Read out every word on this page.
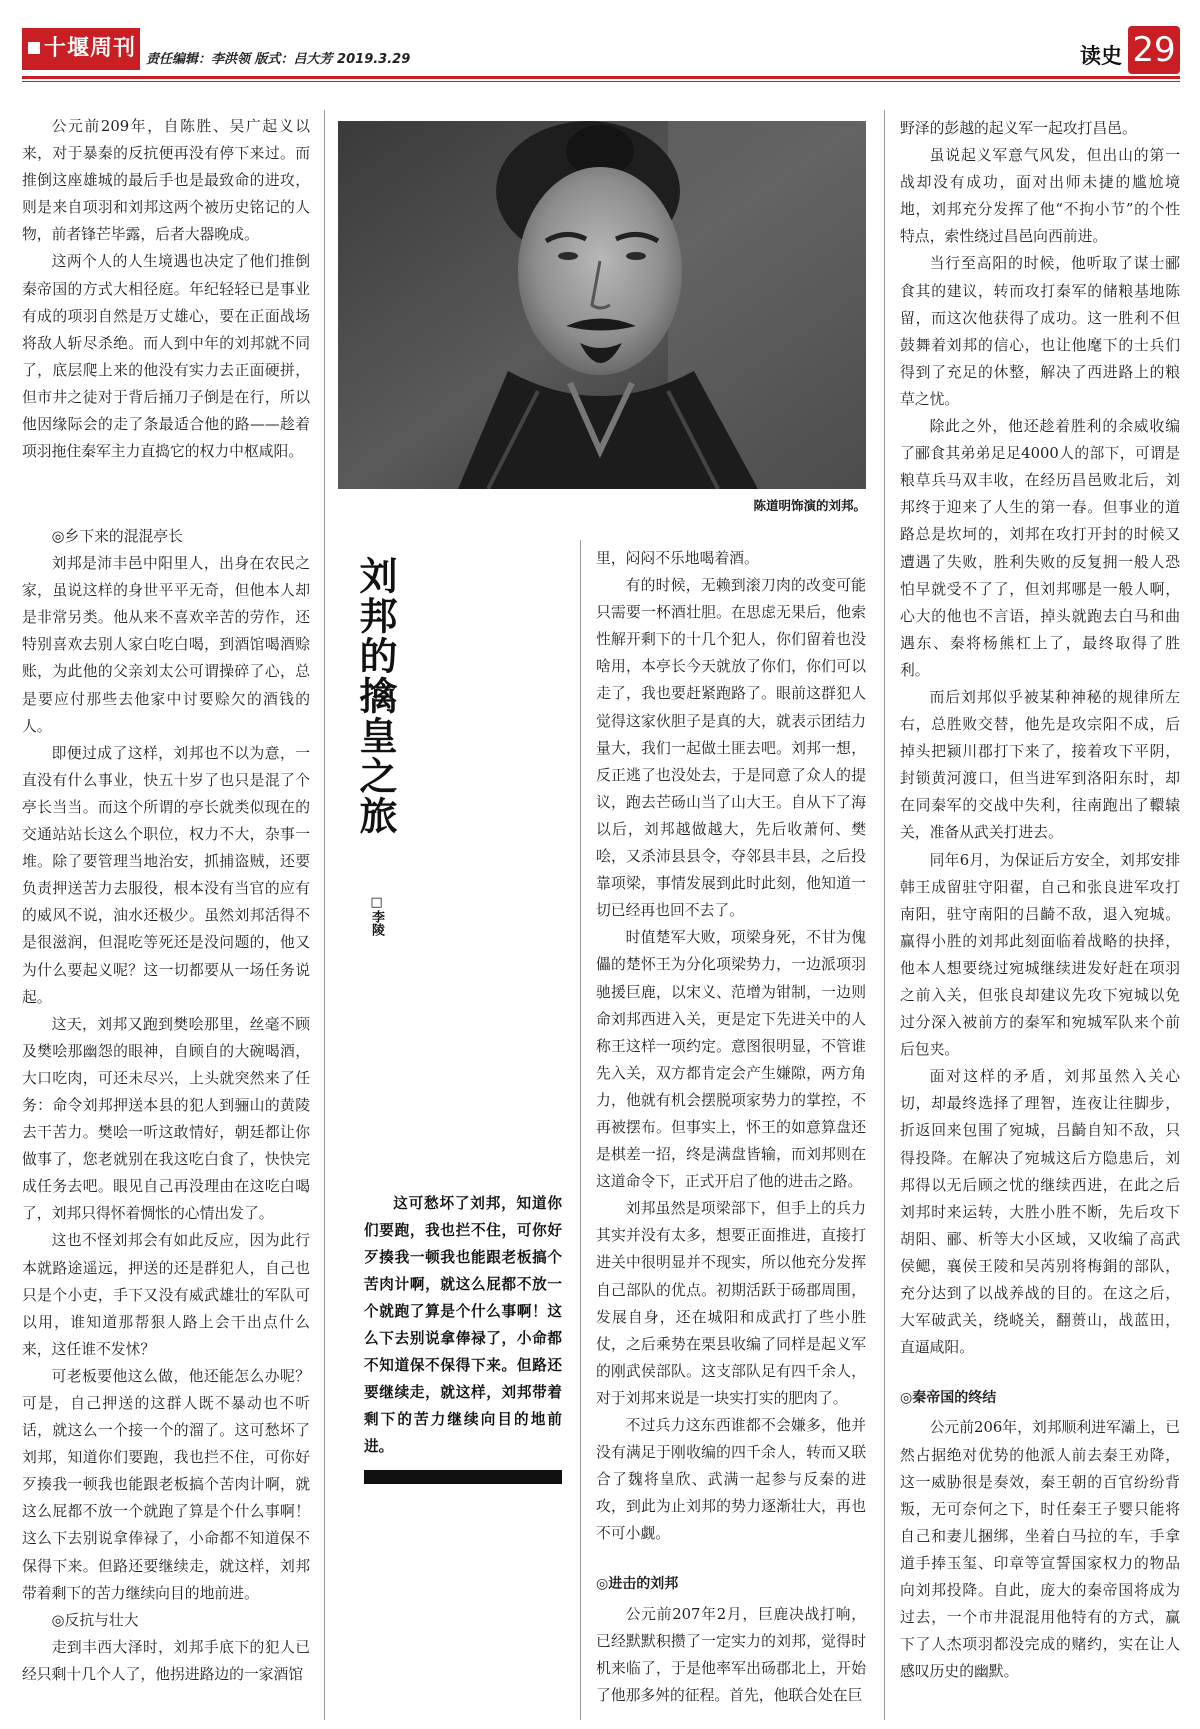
十堰周刊 责任编辑：李洪领 版式：吕大芳 2019.3.29	读史 29

公元前209年，自陈胜、吴广起义以来，对于暴秦的反抗便再没有停下来过。而推倒这座雄城的最后手也是最致命的进攻，则是来自项羽和刘邦这两个被历史铭记的人物，前者锋芒毕露，后者大器晚成。

这两个人的人生境遇也决定了他们推倒秦帝国的方式大相径庭。年纪轻轻已是事业有成的项羽自然是万丈雄心，要在正面战场将敌人斩尽杀绝。而人到中年的刘邦就不同了，底层爬上来的他没有实力去正面硬拼，但市井之徒对于背后捅刀子倒是在行，所以他因缘际会的走了条最适合他的路——趁着项羽拖住秦军主力直捣它的权力中枢咸阳。

◎乡下来的混混亭长

刘邦是沛丰邑中阳里人，出身在农民之家，虽说这样的身世平平无奇，但他本人却是非常另类。他从来不喜欢辛苦的劳作，还特别喜欢去别人家白吃白喝，到酒馆喝酒赊账，为此他的父亲刘太公可谓操碎了心，总是要应付那些去他家中讨要赊欠的酒钱的人。

即便过成了这样，刘邦也不以为意，一直没有什么事业，快五十岁了也只是混了个亭长当当。而这个所谓的亭长就类似现在的交通站站长这么个职位，权力不大，杂事一堆。除了要管理当地治安，抓捕盗贼，还要负责押送苦力去服役，根本没有当官的应有的威风不说，油水还极少。虽然刘邦活得不是很滋润，但混吃等死还是没问题的，他又为什么要起义呢？这一切都要从一场任务说起。

这天，刘邦又跑到樊哙那里，丝毫不顾及樊哙那幽怨的眼神，自顾自的大碗喝酒，大口吃肉，可还未尽兴，上头就突然来了任务：命令刘邦押送本县的犯人到骊山的黄陵去干苦力。樊哙一听这敢情好，朝廷都让你做事了，您老就别在我这吃白食了，快快完成任务去吧。眼见自己再没理由在这吃白喝了，刘邦只得怀着惆怅的心情出发了。

这也不怪刘邦会有如此反应，因为此行本就路途遥远，押送的还是群犯人，自己也只是个小吏，手下又没有威武雄壮的军队可以用，谁知道那帮狠人路上会干出点什么来，这任谁不发怵？

可老板要他这么做，他还能怎么办呢？可是，自己押送的这群人既不暴动也不听话，就这么一个接一个的溜了。这可愁坏了刘邦，知道你们要跑，我也拦不住，可你好歹揍我一顿我也能跟老板搞个苦肉计啊，就这么屁都不放一个就跑了算是个什么事啊！这么下去别说拿俸禄了，小命都不知道保不保得下来。但路还要继续走，就这样，刘邦带着剩下的苦力继续向目的地前进。

◎反抗与壮大

走到丰西大泽时，刘邦手底下的犯人已经只剩十几个人了，他拐进路边的一家酒馆

陈道明饰演的刘邦。
刘邦的擒皇之旅
□李陵
这可愁坏了刘邦，知道你们要跑，我也拦不住，可你好歹揍我一顿我也能跟老板搞个苦肉计啊，就这么屁都不放一个就跑了算是个什么事啊！这么下去别说拿俸禄了，小命都不知道保不保得下来。但路还要继续走，就这样，刘邦带着剩下的苦力继续向目的地前进。

里，闷闷不乐地喝着酒。

有的时候，无赖到滚刀肉的改变可能只需要一杯酒壮胆。在思虑无果后，他索性解开剩下的十几个犯人，你们留着也没啥用，本亭长今天就放了你们，你们可以走了，我也要赶紧跑路了。眼前这群犯人觉得这家伙胆子是真的大，就表示团结力量大，我们一起做土匪去吧。刘邦一想，反正逃了也没处去，于是同意了众人的提议，跑去芒砀山当了山大王。自从下了海以后，刘邦越做越大，先后收萧何、樊哙，又杀沛县县令，夺邻县丰县，之后投靠项梁，事情发展到此时此刻，他知道一切已经再也回不去了。

时值楚军大败，项梁身死，不甘为傀儡的楚怀王为分化项梁势力，一边派项羽驰援巨鹿，以宋义、范增为钳制，一边则命刘邦西进入关，更是定下先进关中的人称王这样一项约定。意图很明显，不管谁先入关，双方都肯定会产生嫌隙，两方角力，他就有机会摆脱项家势力的掌控，不再被摆布。但事实上，怀王的如意算盘还是棋差一招，终是满盘皆输，而刘邦则在这道命令下，正式开启了他的进击之路。

刘邦虽然是项梁部下，但手上的兵力其实并没有太多，想要正面推进，直接打进关中很明显并不现实，所以他充分发挥自己部队的优点。初期活跃于砀郡周围，发展自身，还在城阳和成武打了些小胜仗，之后乘势在栗县收编了同样是起义军的刚武侯部队。这支部队足有四千余人，对于刘邦来说是一块实打实的肥肉了。

不过兵力这东西谁都不会嫌多，他并没有满足于刚收编的四千余人，转而又联合了魏将皇欣、武满一起参与反秦的进攻，到此为止刘邦的势力逐渐壮大，再也不可小觑。

◎进击的刘邦

公元前207年2月，巨鹿决战打响，已经默默积攒了一定实力的刘邦，觉得时机来临了，于是他率军出砀郡北上，开始了他那多舛的征程。首先，他联合处在巨

野泽的彭越的起义军一起攻打昌邑。

虽说起义军意气风发，但出山的第一战却没有成功，面对出师未捷的尴尬境地，刘邦充分发挥了他“不拘小节”的个性特点，索性绕过昌邑向西前进。

当行至高阳的时候，他听取了谋士郦食其的建议，转而攻打秦军的储粮基地陈留，而这次他获得了成功。这一胜利不但鼓舞着刘邦的信心，也让他麾下的士兵们得到了充足的休整，解决了西进路上的粮草之忧。

除此之外，他还趁着胜利的余威收编了郦食其弟弟足足4000人的部下，可谓是粮草兵马双丰收，在经历昌邑败北后，刘邦终于迎来了人生的第一春。但事业的道路总是坎坷的，刘邦在攻打开封的时候又遭遇了失败，胜利失败的反复拥一般人恐怕早就受不了了，但刘邦哪是一般人啊，心大的他也不言语，掉头就跑去白马和曲遇东、秦将杨熊杠上了，最终取得了胜利。

而后刘邦似乎被某种神秘的规律所左右，总胜败交替，他先是攻宗阳不成，后掉头把颍川郡打下来了，接着攻下平阴，封锁黄河渡口，但当进军到洛阳东时，却在同秦军的交战中失利，往南跑出了轘辕关，准备从武关打进去。

同年6月，为保证后方安全，刘邦安排韩王成留驻守阳翟，自己和张良进军攻打南阳，驻守南阳的吕齮不敌，退入宛城。赢得小胜的刘邦此刻面临着战略的抉择，他本人想要绕过宛城继续进发好赶在项羽之前入关，但张良却建议先攻下宛城以免过分深入被前方的秦军和宛城军队来个前后包夹。

面对这样的矛盾，刘邦虽然入关心切，却最终选择了理智，连夜让往脚步，折返回来包围了宛城，吕齮自知不敌，只得投降。在解决了宛城这后方隐患后，刘邦得以无后顾之忧的继续西进，在此之后刘邦时来运转，大胜小胜不断，先后攻下胡阳、郦、析等大小区域，又收编了高武侯鳃，襄侯王陵和吴芮别将梅鋗的部队，充分达到了以战养战的目的。在这之后，大军破武关，绕峣关，翻蒉山，战蓝田，直逼咸阳。

◎秦帝国的终结

公元前206年，刘邦顺利进军灞上，已然占据绝对优势的他派人前去秦王劝降，这一威胁很是奏效，秦王朝的百官纷纷背叛，无可奈何之下，时任秦王子婴只能将自己和妻儿捆绑，坐着白马拉的车，手拿道手捧玉玺、印章等宣誓国家权力的物品向刘邦投降。自此，庞大的秦帝国将成为过去，一个市井混混用他特有的方式，赢下了人杰项羽都没完成的赌约，实在让人感叹历史的幽默。
